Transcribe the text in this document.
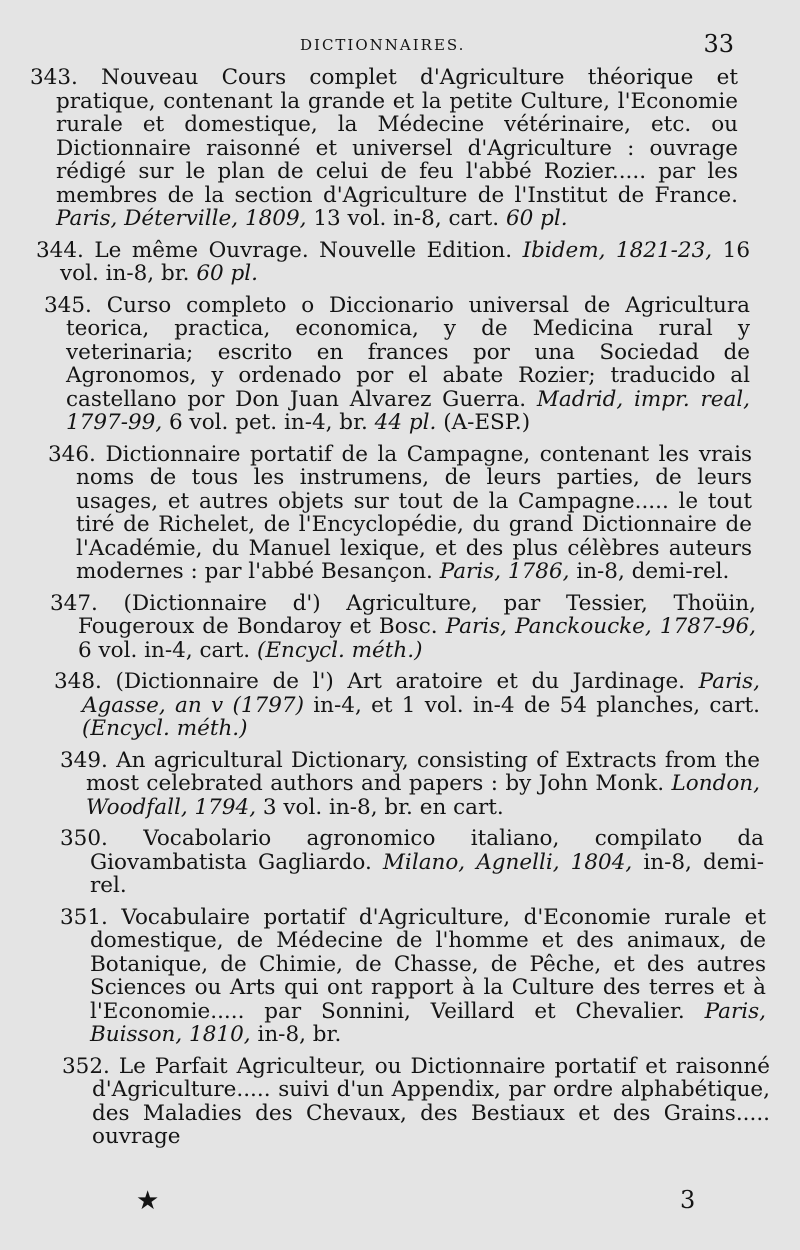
DICTIONNAIRES.	33

343. Nouveau Cours complet d'Agriculture théorique et pratique, contenant la grande et la petite Culture, l'Economie rurale et domestique, la Médecine vétérinaire, etc. ou Dictionnaire raisonné et universel d'Agriculture : ouvrage rédigé sur le plan de celui de feu l'abbé Rozier..... par les membres de la section d'Agriculture de l'Institut de France. Paris, Déterville, 1809, 13 vol. in-8, cart. 60 pl.

344. Le même Ouvrage. Nouvelle Edition. Ibidem, 1821-23, 16 vol. in-8, br. 60 pl.

345. Curso completo o Diccionario universal de Agricultura teorica, practica, economica, y de Medicina rural y veterinaria; escrito en frances por una Sociedad de Agronomos, y ordenado por el abate Rozier; traducido al castellano por Don Juan Alvarez Guerra. Madrid, impr. real, 1797-99, 6 vol. pet. in-4, br. 44 pl. (A-ESP.)

346. Dictionnaire portatif de la Campagne, contenant les vrais noms de tous les instrumens, de leurs parties, de leurs usages, et autres objets sur tout de la Campagne..... le tout tiré de Richelet, de l'Encyclopédie, du grand Dictionnaire de l'Académie, du Manuel lexique, et des plus célèbres auteurs modernes : par l'abbé Besançon. Paris, 1786, in-8, demi-rel.

347. (Dictionnaire d') Agriculture, par Tessier, Thoüin, Fougeroux de Bondaroy et Bosc. Paris, Panckoucke, 1787-96, 6 vol. in-4, cart. (Encycl. méth.)

348. (Dictionnaire de l') Art aratoire et du Jardinage. Paris, Agasse, an v (1797) in-4, et 1 vol. in-4 de 54 planches, cart. (Encycl. méth.)

349. An agricultural Dictionary, consisting of Extracts from the most celebrated authors and papers : by John Monk. London, Woodfall, 1794, 3 vol. in-8, br. en cart.

350. Vocabolario agronomico italiano, compilato da Giovambatista Gagliardo. Milano, Agnelli, 1804, in-8, demi-rel.

351. Vocabulaire portatif d'Agriculture, d'Economie rurale et domestique, de Médecine de l'homme et des animaux, de Botanique, de Chimie, de Chasse, de Pêche, et des autres Sciences ou Arts qui ont rapport à la Culture des terres et à l'Economie..... par Sonnini, Veillard et Chevalier. Paris, Buisson, 1810, in-8, br.

352. Le Parfait Agriculteur, ou Dictionnaire portatif et raisonné d'Agriculture..... suivi d'un Appendix, par ordre alphabétique, des Maladies des Chevaux, des Bestiaux et des Grains..... ouvrage

★	3
